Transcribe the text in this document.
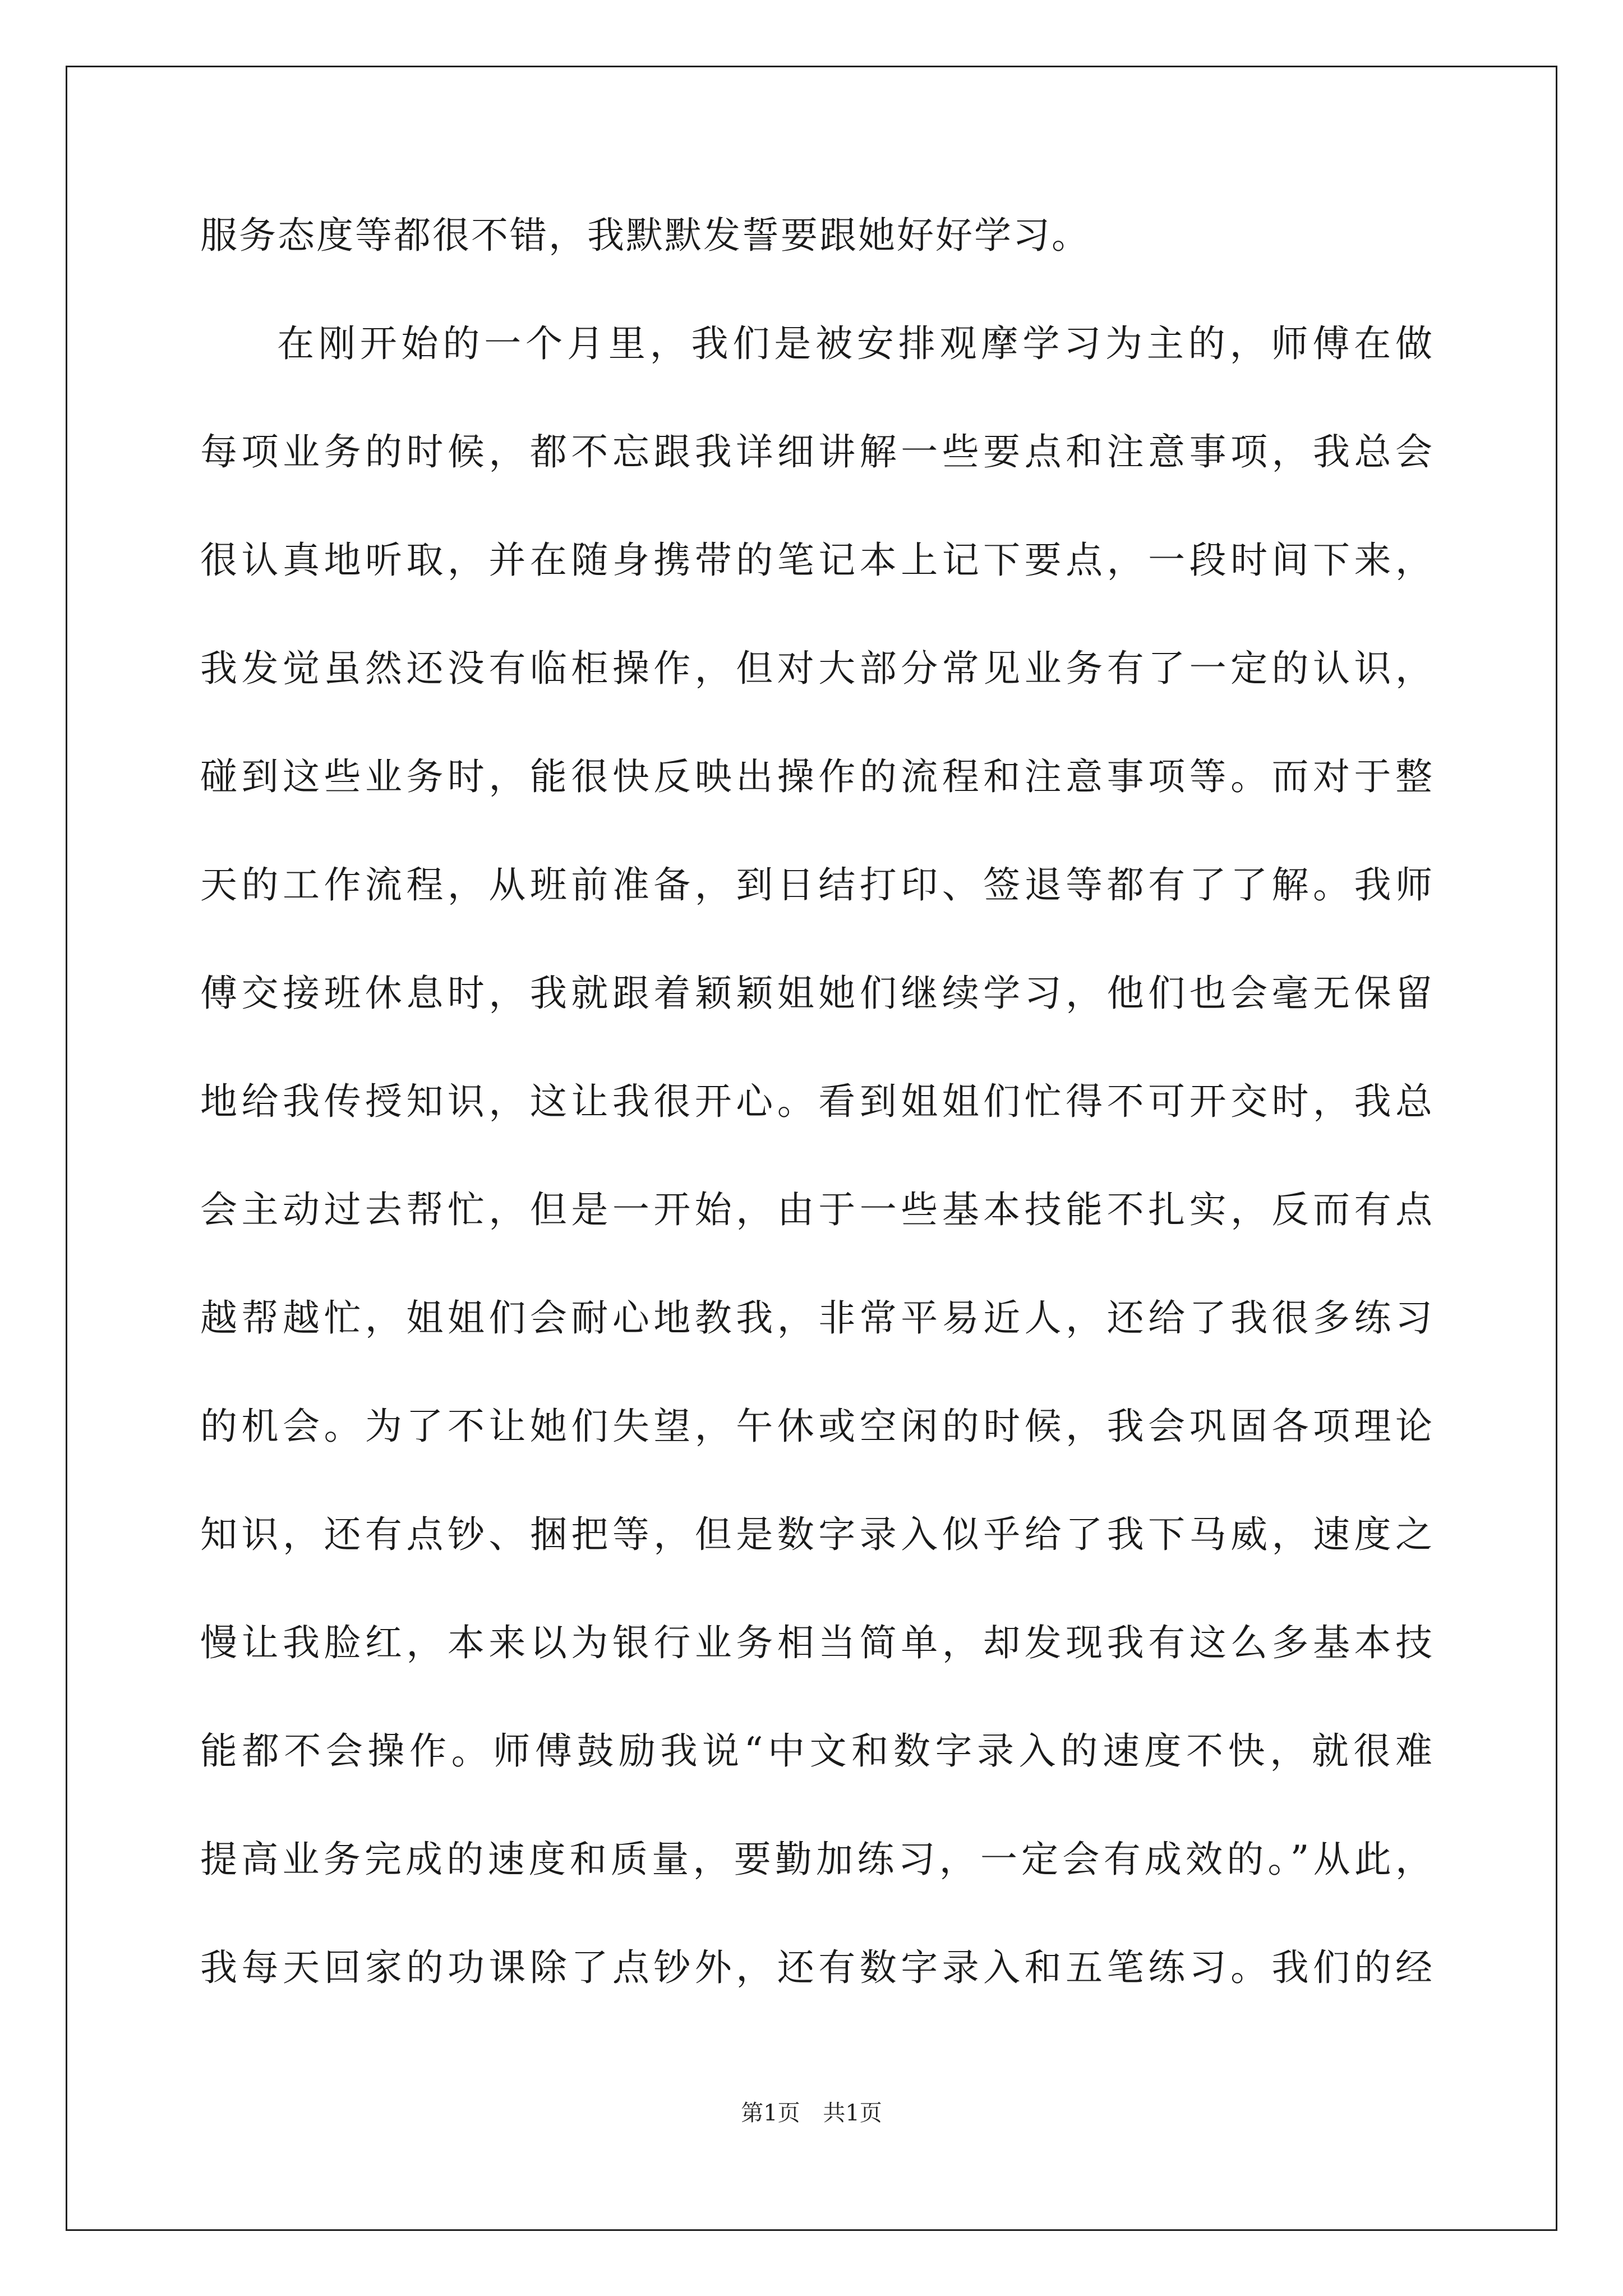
服务态度等都很不错，我默默发誓要跟她好好学习。
在刚开始的一个月里，我们是被安排观摩学习为主的，师傅在做
每项业务的时候，都不忘跟我详细讲解一些要点和注意事项，我总会
很认真地听取，并在随身携带的笔记本上记下要点，一段时间下来，
我发觉虽然还没有临柜操作，但对大部分常见业务有了一定的认识，
碰到这些业务时，能很快反映出操作的流程和注意事项等。而对于整
天的工作流程，从班前准备，到日结打印、签退等都有了了解。我师
傅交接班休息时，我就跟着颖颖姐她们继续学习，他们也会毫无保留
地给我传授知识，这让我很开心。看到姐姐们忙得不可开交时，我总
会主动过去帮忙，但是一开始，由于一些基本技能不扎实，反而有点
越帮越忙，姐姐们会耐心地教我，非常平易近人，还给了我很多练习
的机会。为了不让她们失望，午休或空闲的时候，我会巩固各项理论
知识，还有点钞、捆把等，但是数字录入似乎给了我下马威，速度之
慢让我脸红，本来以为银行业务相当简单，却发现我有这么多基本技
能都不会操作。师傅鼓励我说“中文和数字录入的速度不快，就很难
提高业务完成的速度和质量，要勤加练习，一定会有成效的。”从此，
我每天回家的功课除了点钞外，还有数字录入和五笔练习。我们的经
第1页 共1页
